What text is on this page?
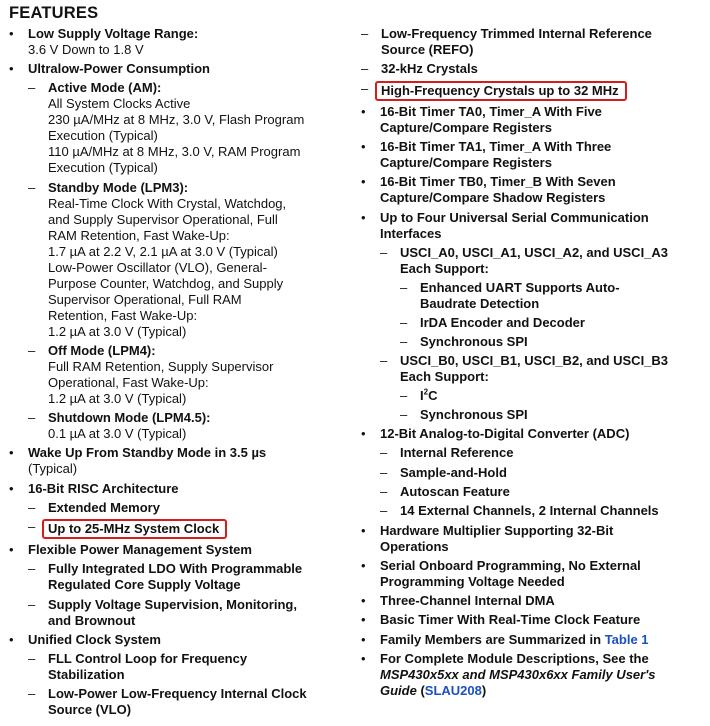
FEATURES
• Low Supply Voltage Range:
3.6 V Down to 1.8 V
• Ultralow-Power Consumption
– Active Mode (AM):
All System Clocks Active
230 µA/MHz at 8 MHz, 3.0 V, Flash Program
Execution (Typical)
110 µA/MHz at 8 MHz, 3.0 V, RAM Program
Execution (Typical)
– Standby Mode (LPM3):
Real-Time Clock With Crystal, Watchdog,
and Supply Supervisor Operational, Full
RAM Retention, Fast Wake-Up:
1.7 µA at 2.2 V, 2.1 µA at 3.0 V (Typical)
Low-Power Oscillator (VLO), General-
Purpose Counter, Watchdog, and Supply
Supervisor Operational, Full RAM
Retention, Fast Wake-Up:
1.2 µA at 3.0 V (Typical)
– Off Mode (LPM4):
Full RAM Retention, Supply Supervisor
Operational, Fast Wake-Up:
1.2 µA at 3.0 V (Typical)
– Shutdown Mode (LPM4.5):
0.1 µA at 3.0 V (Typical)
• Wake Up From Standby Mode in 3.5 µs
(Typical)
• 16-Bit RISC Architecture
– Extended Memory
– Up to 25-MHz System Clock
• Flexible Power Management System
– Fully Integrated LDO With Programmable
Regulated Core Supply Voltage
– Supply Voltage Supervision, Monitoring,
and Brownout
• Unified Clock System
– FLL Control Loop for Frequency
Stabilization
– Low-Power Low-Frequency Internal Clock
Source (VLO)
– Low-Frequency Trimmed Internal Reference
Source (REFO)
– 32-kHz Crystals
– High-Frequency Crystals up to 32 MHz
• 16-Bit Timer TA0, Timer_A With Five
Capture/Compare Registers
• 16-Bit Timer TA1, Timer_A With Three
Capture/Compare Registers
• 16-Bit Timer TB0, Timer_B With Seven
Capture/Compare Shadow Registers
• Up to Four Universal Serial Communication
Interfaces
– USCI_A0, USCI_A1, USCI_A2, and USCI_A3
Each Support:
– Enhanced UART Supports Auto-
Baudrate Detection
– IrDA Encoder and Decoder
– Synchronous SPI
– USCI_B0, USCI_B1, USCI_B2, and USCI_B3
Each Support:
– $I^2C$
– Synchronous SPI
• 12-Bit Analog-to-Digital Converter (ADC)
– Internal Reference
– Sample-and-Hold
– Autoscan Feature
– 14 External Channels, 2 Internal Channels
• Hardware Multiplier Supporting 32-Bit
Operations
• Serial Onboard Programming, No External
Programming Voltage Needed
• Three-Channel Internal DMA
• Basic Timer With Real-Time Clock Feature
• Family Members are Summarized in Table 1
• For Complete Module Descriptions, See the
MSP430x5xx and MSP430x6xx Family User's
Guide (SLAU208)
